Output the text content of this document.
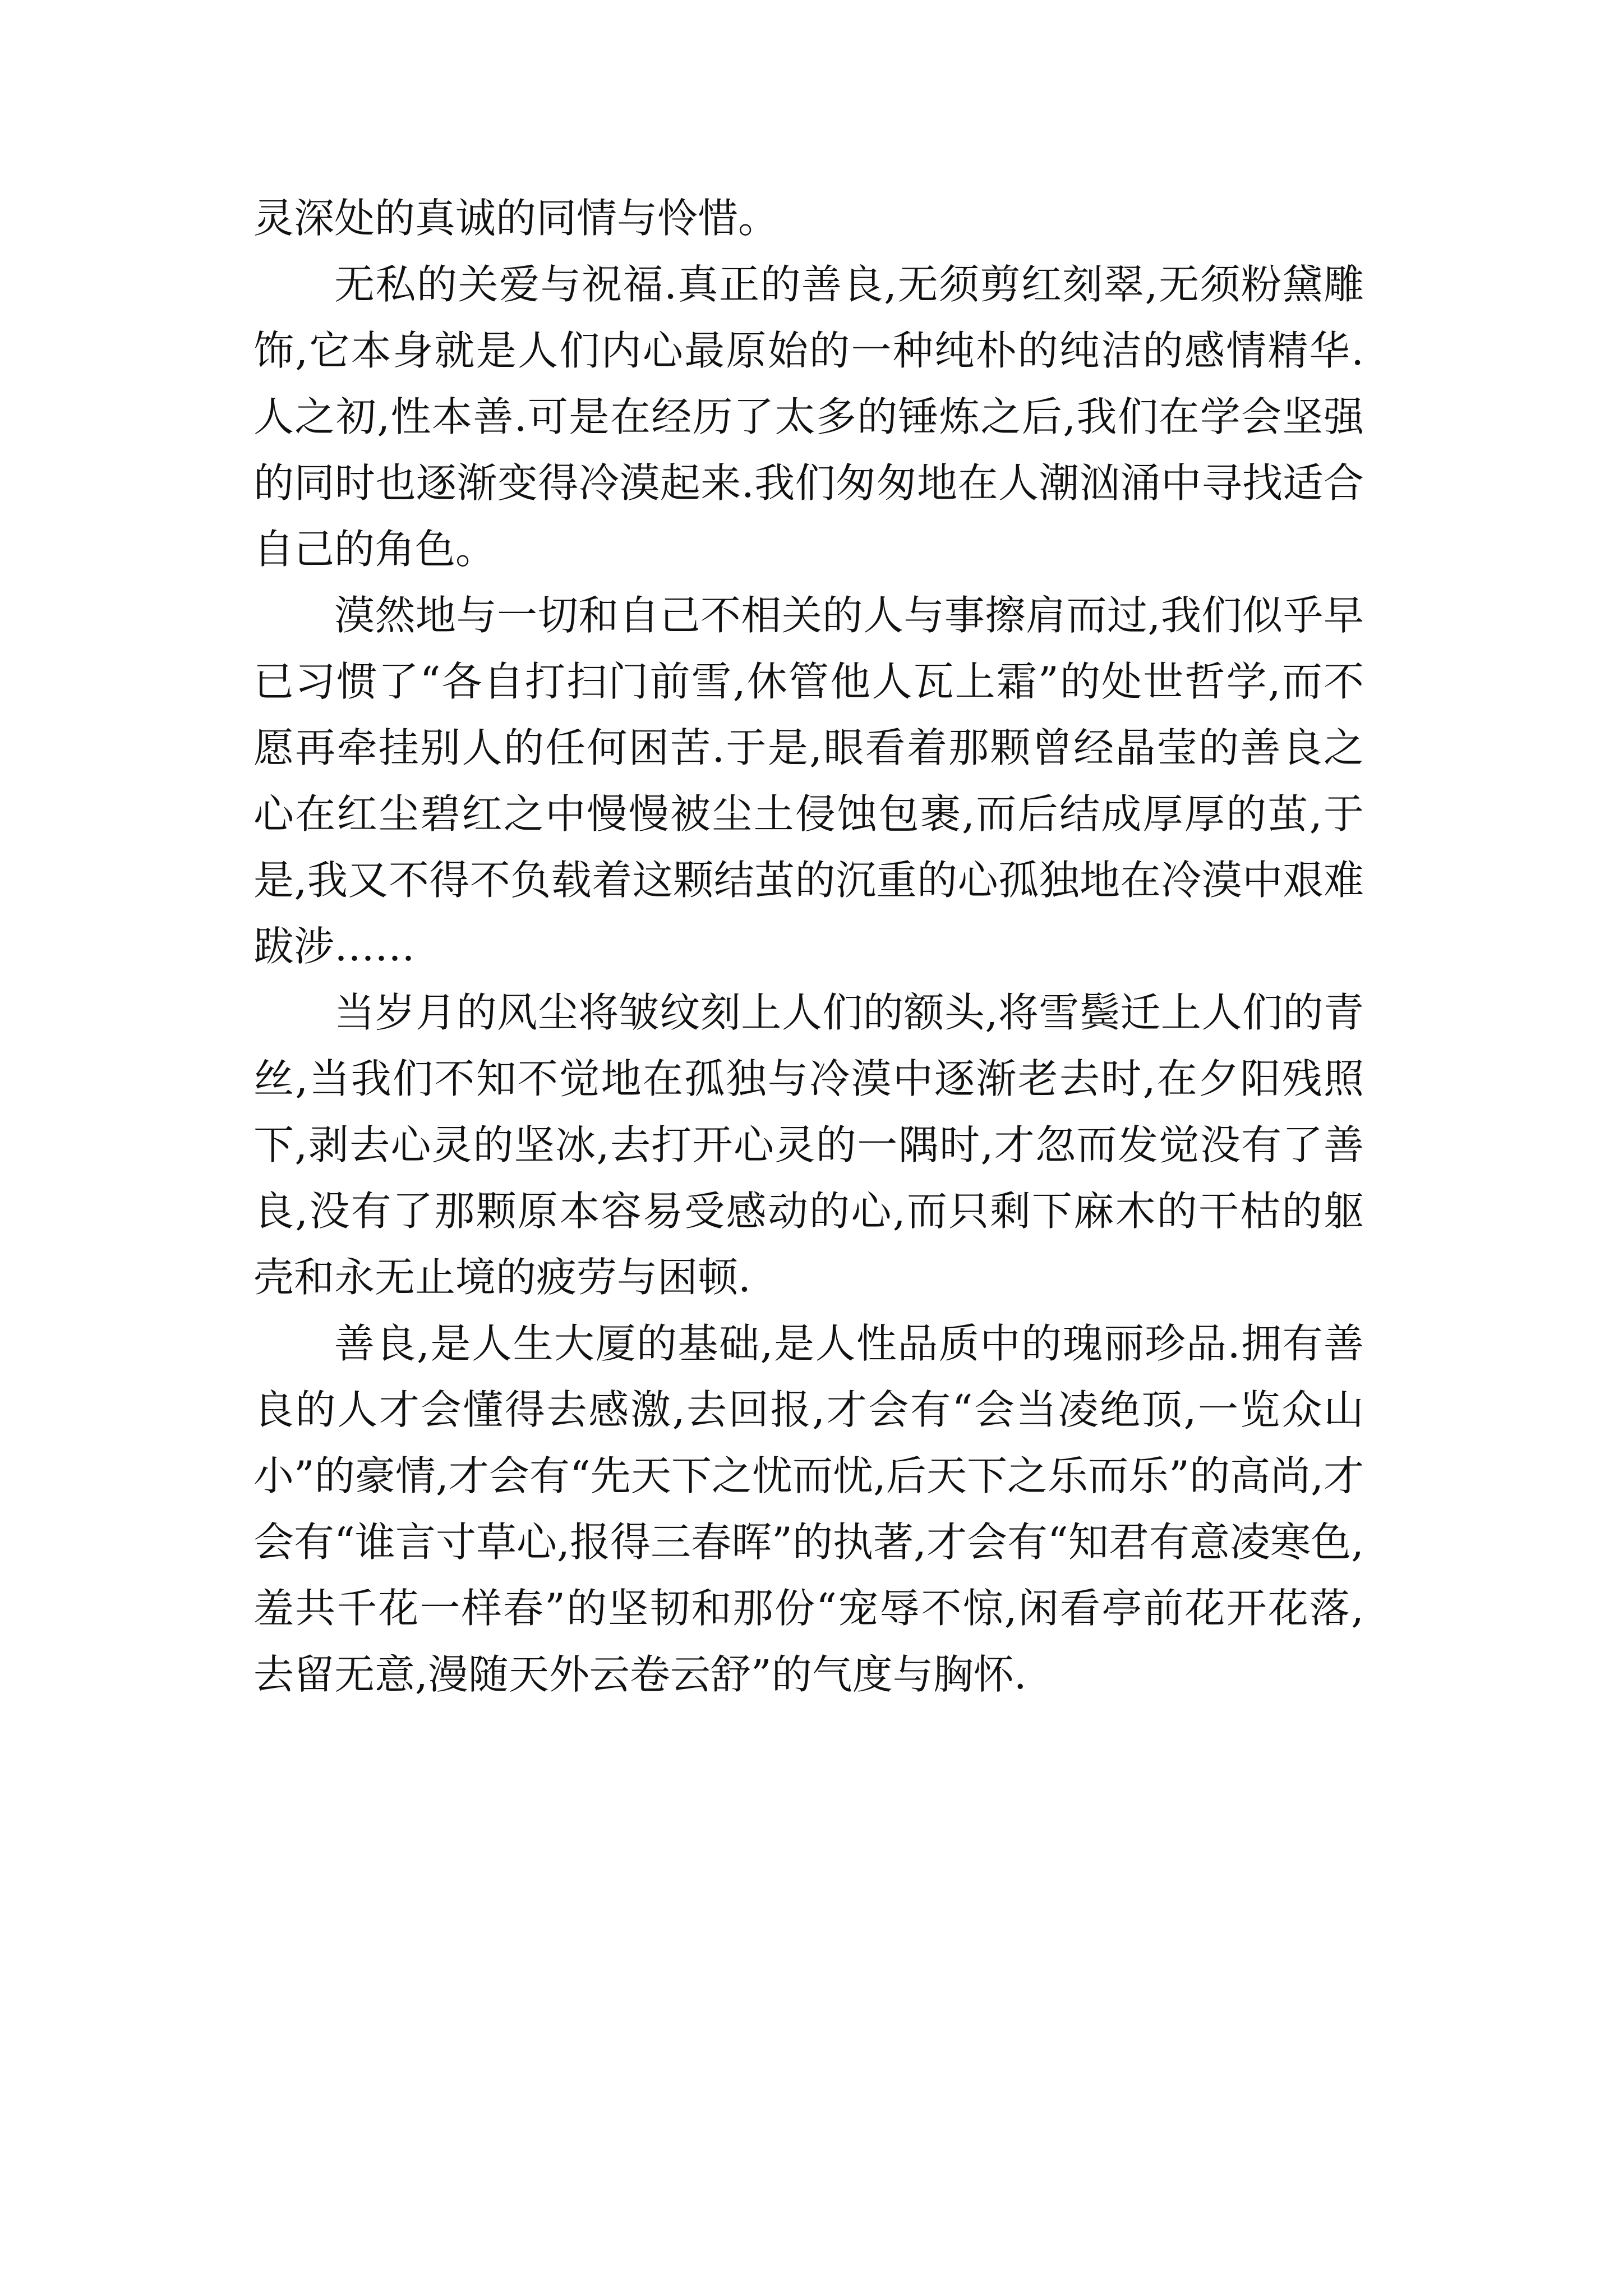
灵深处的真诚的同情与怜惜。

无私的关爱与祝福.真正的善良,无须剪红刻翠,无须粉黛雕饰,它本身就是人们内心最原始的一种纯朴的纯洁的感情精华.人之初,性本善.可是在经历了太多的锤炼之后,我们在学会坚强的同时也逐渐变得冷漠起来.我们匆匆地在人潮汹涌中寻找适合自己的角色。

漠然地与一切和自己不相关的人与事擦肩而过,我们似乎早已习惯了“各自打扫门前雪,休管他人瓦上霜”的处世哲学,而不愿再牵挂别人的任何困苦.于是,眼看着那颗曾经晶莹的善良之心在红尘碧红之中慢慢被尘土侵蚀包裹,而后结成厚厚的茧,于是,我又不得不负载着这颗结茧的沉重的心孤独地在冷漠中艰难跋涉……

当岁月的风尘将皱纹刻上人们的额头,将雪鬓迁上人们的青丝,当我们不知不觉地在孤独与冷漠中逐渐老去时,在夕阳残照下,剥去心灵的坚冰,去打开心灵的一隅时,才忽而发觉没有了善良,没有了那颗原本容易受感动的心,而只剩下麻木的干枯的躯壳和永无止境的疲劳与困顿.

善良,是人生大厦的基础,是人性品质中的瑰丽珍品.拥有善良的人才会懂得去感激,去回报,才会有“会当凌绝顶,一览众山小”的豪情,才会有“先天下之忧而忧,后天下之乐而乐”的高尚,才会有“谁言寸草心,报得三春晖”的执著,才会有“知君有意凌寒色,羞共千花一样春”的坚韧和那份“宠辱不惊,闲看亭前花开花落,去留无意,漫随天外云卷云舒”的气度与胸怀.
